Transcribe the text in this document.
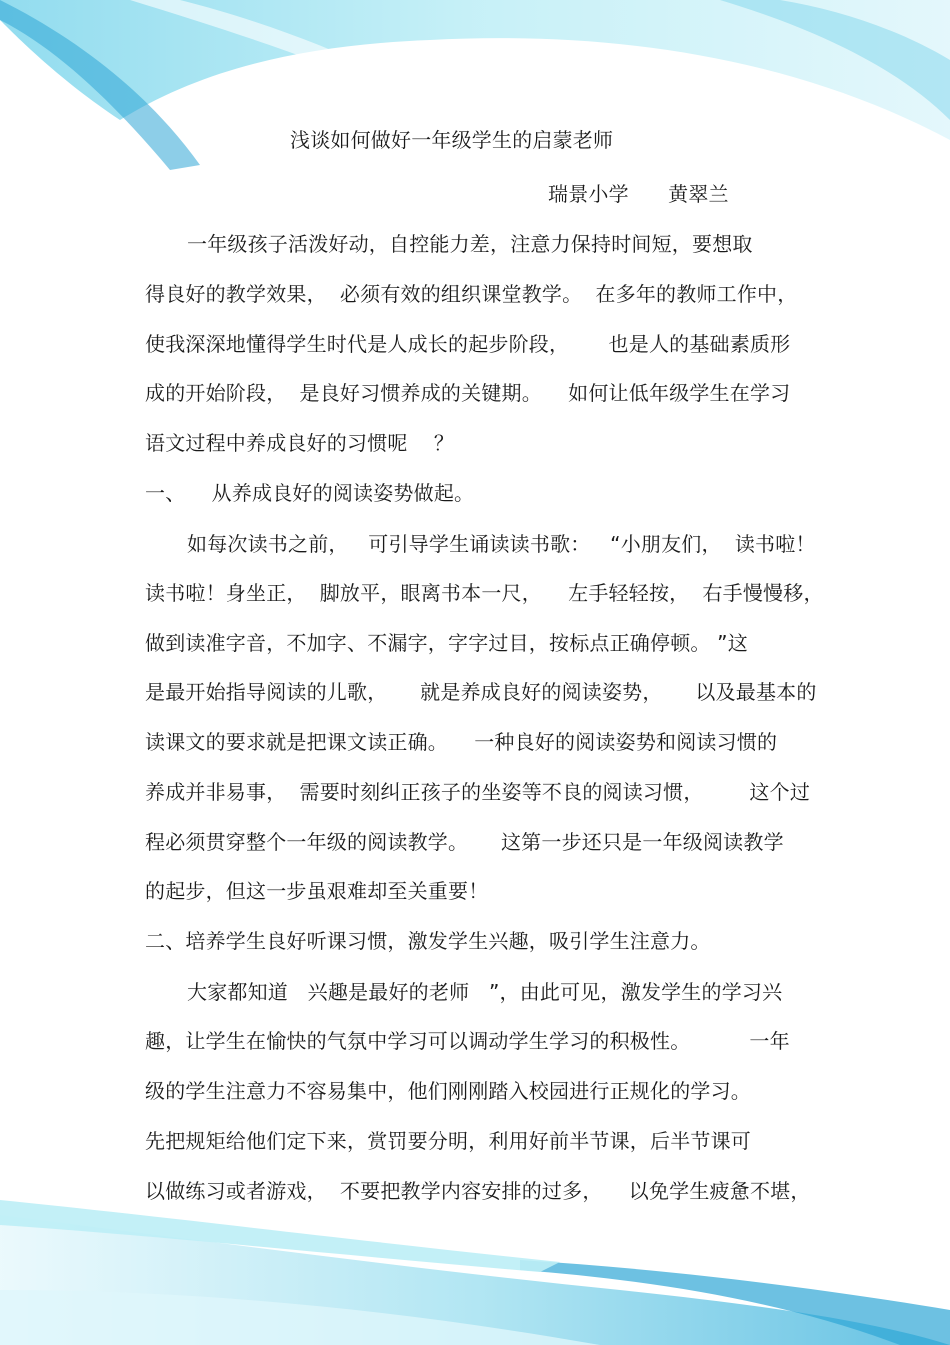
浅谈如何做好一年级学生的启蒙老师
瑞景小学      黄翠兰
一年级孩子活泼好动，自控能力差，注意力保持时间短，要想取
得良好的教学效果，  必须有效的组织课堂教学。  在多年的教师工作中，
使我深深地懂得学生时代是人成长的起步阶段，      也是人的基础素质形
成的开始阶段，  是良好习惯养成的关键期。    如何让低年级学生在学习
语文过程中养成良好的习惯呢    ？
一、    从养成良好的阅读姿势做起。
如每次读书之前，   可引导学生诵读读书歌：   “小朋友们，  读书啦！
读书啦！身坐正，  脚放平，眼离书本一尺，    左手轻轻按，  右手慢慢移，
做到读准字音，不加字、不漏字，字字过目，按标点正确停顿。 ”这
是最开始指导阅读的儿歌，     就是养成良好的阅读姿势，     以及最基本的
读课文的要求就是把课文读正确。    一种良好的阅读姿势和阅读习惯的
养成并非易事，  需要时刻纠正孩子的坐姿等不良的阅读习惯，       这个过
程必须贯穿整个一年级的阅读教学。     这第一步还只是一年级阅读教学
的起步，但这一步虽艰难却至关重要！
二、培养学生良好听课习惯，激发学生兴趣，吸引学生注意力。
大家都知道   兴趣是最好的老师   ”，由此可见，激发学生的学习兴
趣，让学生在愉快的气氛中学习可以调动学生学习的积极性。         一年
级的学生注意力不容易集中，他们刚刚踏入校园进行正规化的学习。
先把规矩给他们定下来，赏罚要分明，利用好前半节课，后半节课可
以做练习或者游戏，  不要把教学内容安排的过多，    以免学生疲惫不堪，
